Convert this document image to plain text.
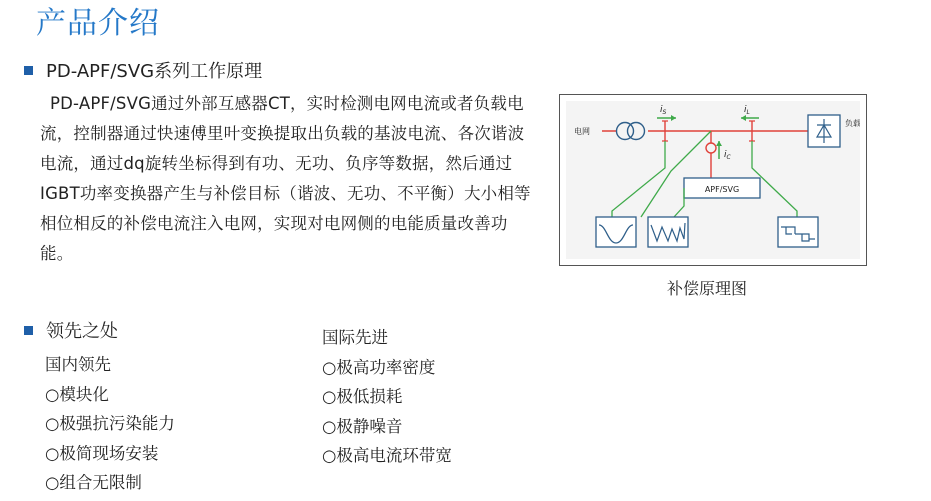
产品介绍
PD-APF/SVG系列工作原理
PD-APF/SVG通过外部互感器CT，实时检测电网电流或者负载电流，控制器通过快速傅里叶变换提取出负载的基波电流、各次谐波电流，通过dq旋转坐标得到有功、无功、负序等数据，然后通过IGBT功率变换器产生与补偿目标（谐波、无功、不平衡）大小相等相位相反的补偿电流注入电网，实现对电网侧的电能质量改善功能。
电网
$i_S$	$i_L$
$i_C$
APF/SVG
负载
补偿原理图
领先之处	国际先进
○极高功率密度
○极低损耗
○极静噪音
○极高电流环带宽
国内领先
○模块化
○极强抗污染能力
○极简现场安装
○组合无限制
